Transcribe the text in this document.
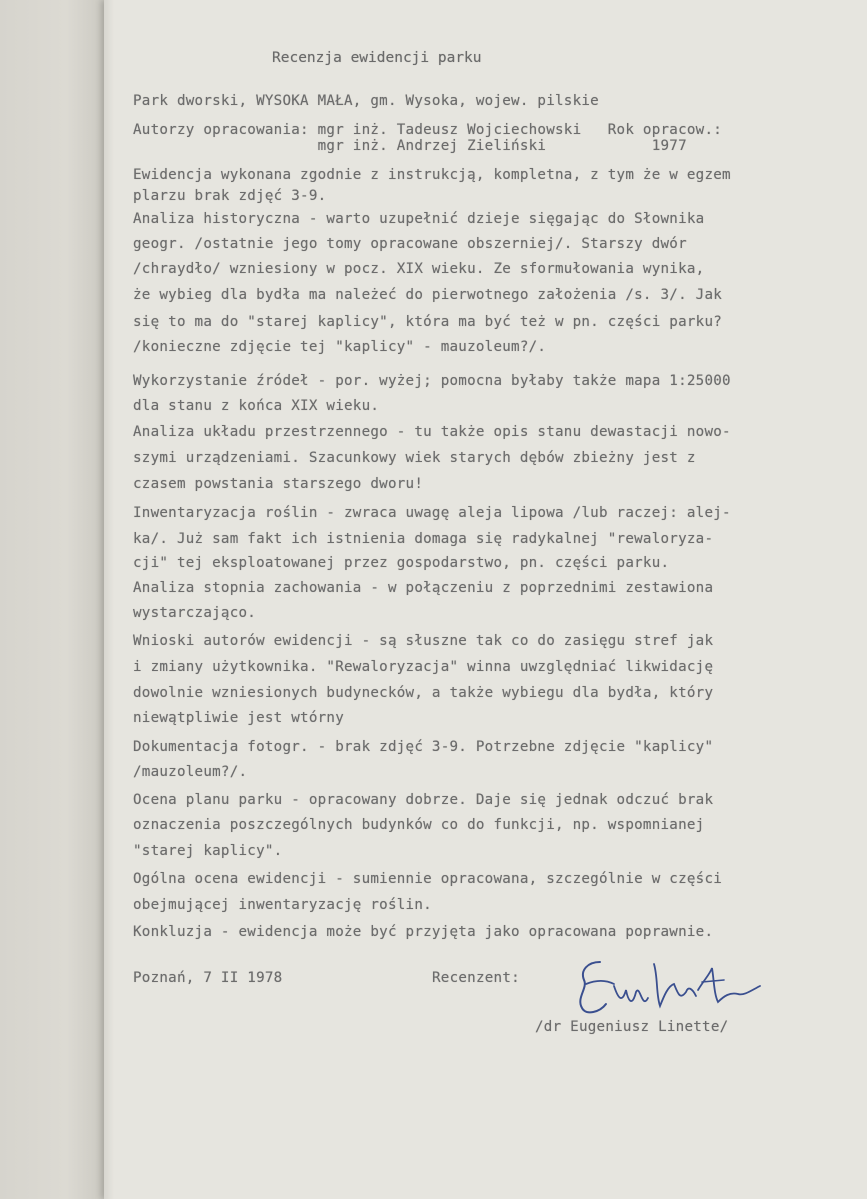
Recenzja ewidencji parku
Park dworski, WYSOKA MAŁA, gm. Wysoka, wojew. pilskie
Autorzy opracowania: mgr inż. Tadeusz Wojciechowski   Rok opracow.:
mgr inż. Andrzej Zieliński            1977
Ewidencja wykonana zgodnie z instrukcją, kompletna, z tym że w egzem
plarzu brak zdjęć 3-9.
Analiza historyczna - warto uzupełnić dzieje sięgając do Słownika
geogr. /ostatnie jego tomy opracowane obszerniej/. Starszy dwór
/chraydło/ wzniesiony w pocz. XIX wieku. Ze sformułowania wynika,
że wybieg dla bydła ma należeć do pierwotnego założenia /s. 3/. Jak
się to ma do "starej kaplicy", która ma być też w pn. części parku?
/konieczne zdjęcie tej "kaplicy" - mauzoleum?/.
Wykorzystanie źródeł - por. wyżej; pomocna byłaby także mapa 1:25000
dla stanu z końca XIX wieku.
Analiza układu przestrzennego - tu także opis stanu dewastacji nowo-
szymi urządzeniami. Szacunkowy wiek starych dębów zbieżny jest z
czasem powstania starszego dworu!
Inwentaryzacja roślin - zwraca uwagę aleja lipowa /lub raczej: alej-
ka/. Już sam fakt ich istnienia domaga się radykalnej "rewaloryza-
cji" tej eksploatowanej przez gospodarstwo, pn. części parku.
Analiza stopnia zachowania - w połączeniu z poprzednimi zestawiona
wystarczająco.
Wnioski autorów ewidencji - są słuszne tak co do zasięgu stref jak
i zmiany użytkownika. "Rewaloryzacja" winna uwzględniać likwidację
dowolnie wzniesionych budynecków, a także wybiegu dla bydła, który
niewątpliwie jest wtórny
Dokumentacja fotogr. - brak zdjęć 3-9. Potrzebne zdjęcie "kaplicy"
/mauzoleum?/.
Ocena planu parku - opracowany dobrze. Daje się jednak odczuć brak
oznaczenia poszczególnych budynków co do funkcji, np. wspomnianej
"starej kaplicy".
Ogólna ocena ewidencji - sumiennie opracowana, szczególnie w części
obejmującej inwentaryzację roślin.
Konkluzja - ewidencja może być przyjęta jako opracowana poprawnie.
Poznań, 7 II 1978	Recenzent:
/dr Eugeniusz Linette/
